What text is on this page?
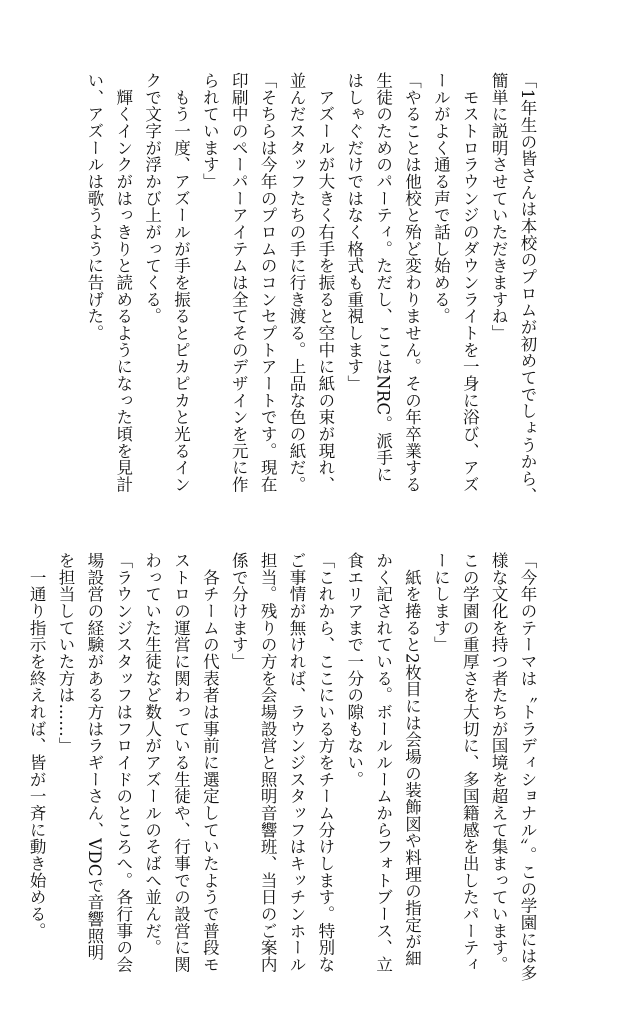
「1年生の皆さんは本校のプロムが初めてでしょうから、
簡単に説明させていただきますね」
　モストロラウンジのダウンライトを一身に浴び、アズ
ールがよく通る声で話し始める。
「やることは他校と殆ど変わりません。その年卒業する
生徒のためのパーティ。ただし、ここはNRC。派手に
はしゃぐだけではなく格式も重視します」
　アズールが大きく右手を振ると空中に紙の束が現れ、
並んだスタッフたちの手に行き渡る。上品な色の紙だ。
「そちらは今年のプロムのコンセプトアートです。現在
印刷中のペーパーアイテムは全てそのデザインを元に作
られています」
　もう一度、アズールが手を振るとピカピカと光るイン
クで文字が浮かび上がってくる。
　輝くインクがはっきりと読めるようになった頃を見計
い、アズールは歌うように告げた。
「今年のテーマは〝トラディショナル〟。この学園には多
様な文化を持つ者たちが国境を超えて集まっています。
この学園の重厚さを大切に、多国籍感を出したパーティ
ーにします」
　紙を捲ると2枚目には会場の装飾図や料理の指定が細
かく記されている。ボールルームからフォトブース、立
食エリアまで一分の隙もない。
「これから、ここにいる方をチーム分けします。特別な
ご事情が無ければ、ラウンジスタッフはキッチンホール
担当。残りの方を会場設営と照明音響班、当日のご案内
係で分けます」
　各チームの代表者は事前に選定していたようで普段モ
ストロの運営に関わっている生徒や、行事での設営に関
わっていた生徒など数人がアズールのそばへ並んだ。
「ラウンジスタッフはフロイドのところへ。各行事の会
場設営の経験がある方はラギーさん、VDCで音響照明
を担当していた方は……」
　一通り指示を終えれば、皆が一斉に動き始める。
